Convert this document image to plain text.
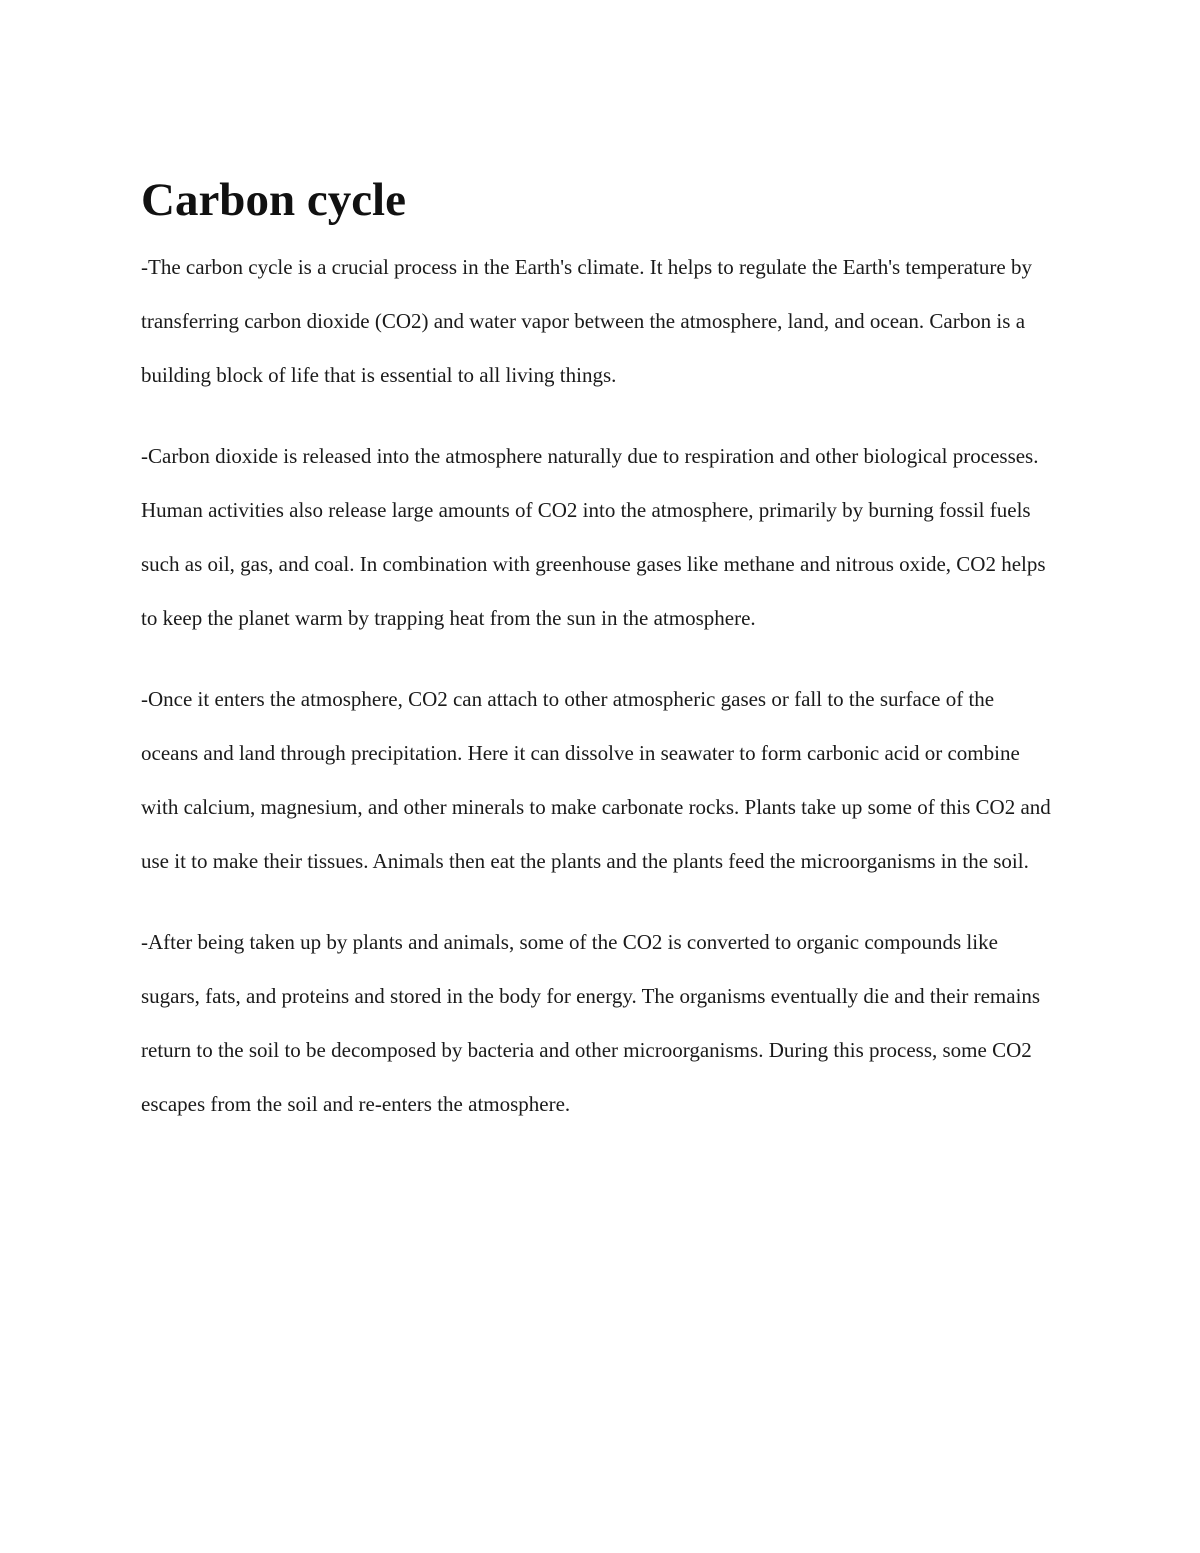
Carbon cycle

-The carbon cycle is a crucial process in the Earth's climate. It helps to regulate the Earth's temperature by transferring carbon dioxide (CO2) and water vapor between the atmosphere, land, and ocean. Carbon is a building block of life that is essential to all living things.

-Carbon dioxide is released into the atmosphere naturally due to respiration and other biological processes. Human activities also release large amounts of CO2 into the atmosphere, primarily by burning fossil fuels such as oil, gas, and coal. In combination with greenhouse gases like methane and nitrous oxide, CO2 helps to keep the planet warm by trapping heat from the sun in the atmosphere.

-Once it enters the atmosphere, CO2 can attach to other atmospheric gases or fall to the surface of the oceans and land through precipitation. Here it can dissolve in seawater to form carbonic acid or combine with calcium, magnesium, and other minerals to make carbonate rocks. Plants take up some of this CO2 and use it to make their tissues. Animals then eat the plants and the plants feed the microorganisms in the soil.

-After being taken up by plants and animals, some of the CO2 is converted to organic compounds like sugars, fats, and proteins and stored in the body for energy. The organisms eventually die and their remains return to the soil to be decomposed by bacteria and other microorganisms. During this process, some CO2 escapes from the soil and re-enters the atmosphere.
